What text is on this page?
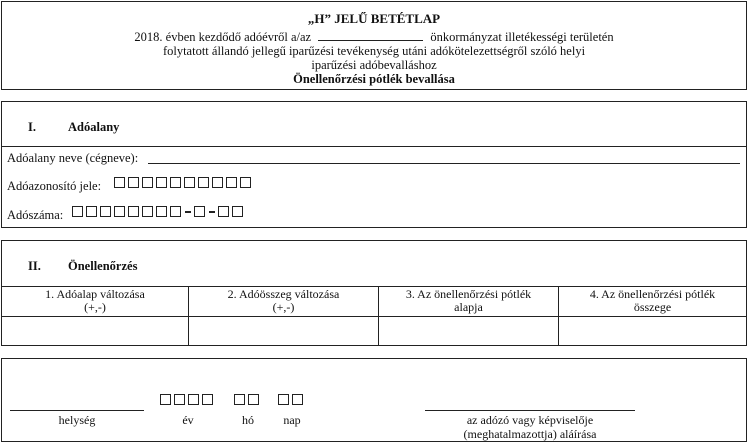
„H” JELŰ BETÉTLAP
2018. évben kezdődő adóévről a/az	önkormányzat illetékességi területén
folytatott állandó jellegű iparűzési tevékenység utáni adókötelezettségről szóló helyi
iparűzési adóbevalláshoz
Önellenőrzési pótlék bevallása
I.	Adóalany
Adóalany neve (cégneve):
Adóazonosító jele:
Adószáma:
II. Önellenőrzés
1. Adóalap változása
(+,-)
2. Adóösszeg változása
(+,-)
3. Az önellenőrzési pótlék
alapja
4. Az önellenőrzési pótlék
összege
helység	év	hó	nap	az adózó vagy képviselője
(meghatalmazottja) aláírása
